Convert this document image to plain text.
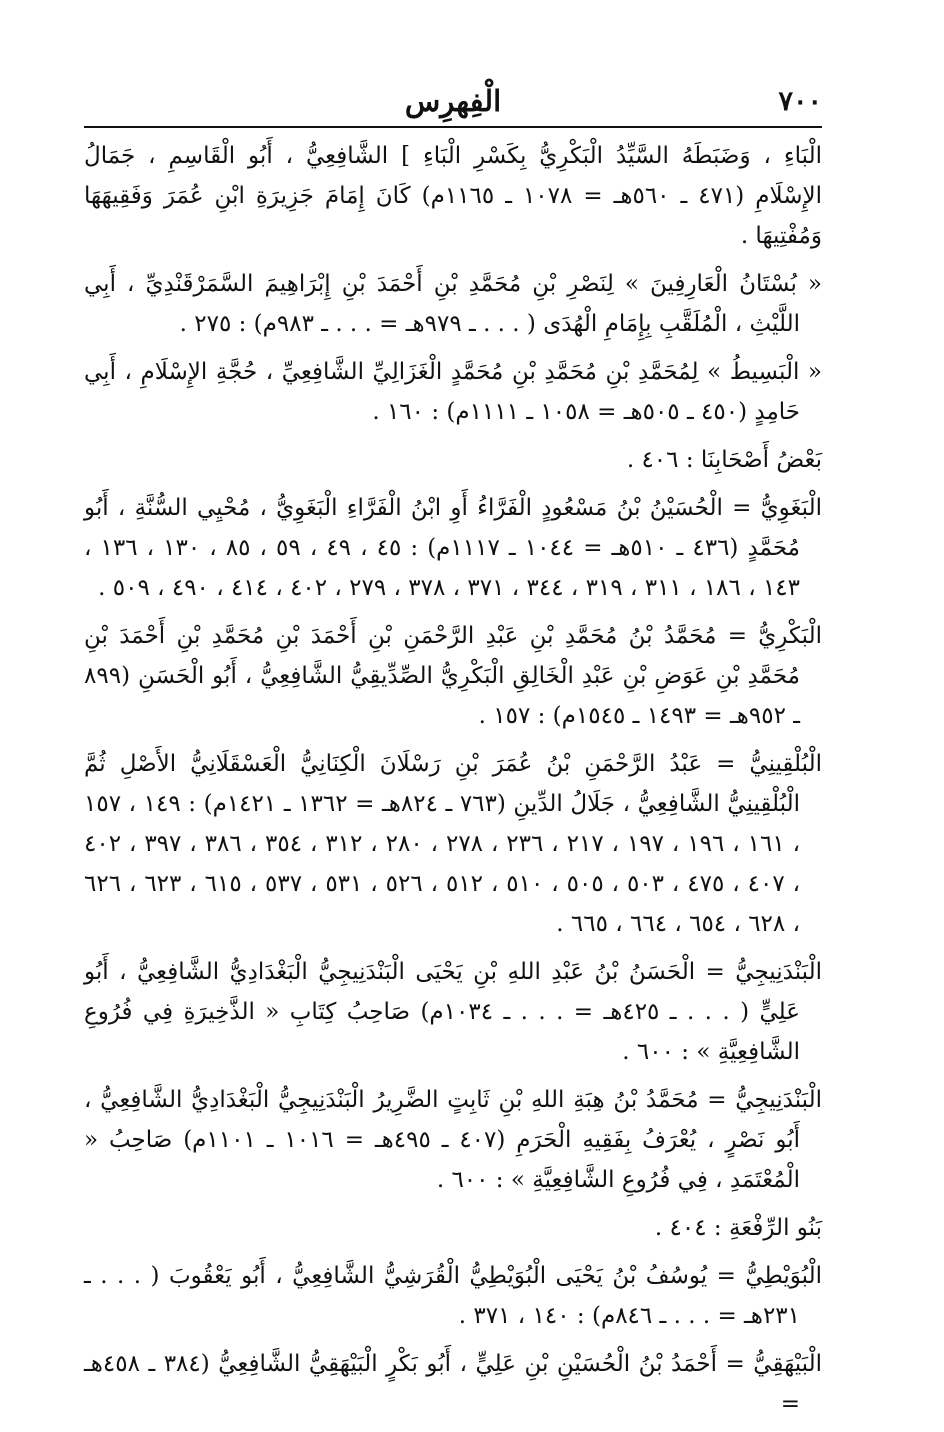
٧٠٠
الْفِهرِس

الْبَاءِ ، وَضَبَطَهُ السَّيِّدُ الْبَكْرِيُّ بِكَسْرِ الْبَاءِ ] الشَّافِعِيُّ ، أَبُو الْقَاسِمِ ، جَمَالُ الإِسْلَامِ (٤٧١ ـ ٥٦٠هـ = ١٠٧٨ ـ ١١٦٥م) كَانَ إِمَامَ جَزِيرَةِ ابْنِ عُمَرَ وَفَقِيهَهَا وَمُفْتِيهَا .

« بُسْتَانُ الْعَارِفِينَ » لِنَصْرِ بْنِ مُحَمَّدِ بْنِ أَحْمَدَ بْنِ إِبْرَاهِيمَ السَّمَرْقَنْدِيِّ ، أَبِي اللَّيْثِ ، الْمُلَقَّبِ بِإِمَامِ الْهُدَى ( . . . ـ ٩٧٩هـ = . . . ـ ٩٨٣م) : ٢٧٥ .

« الْبَسِيطُ » لِمُحَمَّدِ بْنِ مُحَمَّدِ بْنِ مُحَمَّدٍ الْغَزَالِيِّ الشَّافِعِيِّ ، حُجَّةِ الإِسْلَامِ ، أَبِي حَامِدٍ (٤٥٠ ـ ٥٠٥هـ = ١٠٥٨ ـ ١١١١م) : ١٦٠ .

بَعْضُ أَصْحَابِنَا : ٤٠٦ .

الْبَغَوِيُّ = الْحُسَيْنُ بْنُ مَسْعُودٍ الْفَرَّاءُ أَوِ ابْنُ الْفَرَّاءِ الْبَغَوِيُّ ، مُحْيِي السُّنَّةِ ، أَبُو مُحَمَّدٍ (٤٣٦ ـ ٥١٠هـ = ١٠٤٤ ـ ١١١٧م) : ٤٥ ، ٤٩ ، ٥٩ ، ٨٥ ، ١٣٠ ، ١٣٦ ، ١٤٣ ، ١٨٦ ، ٣١١ ، ٣١٩ ، ٣٤٤ ، ٣٧١ ، ٣٧٨ ، ٢٧٩ ، ٤٠٢ ، ٤١٤ ، ٤٩٠ ، ٥٠٩ .

الْبَكْرِيُّ = مُحَمَّدُ بْنُ مُحَمَّدِ بْنِ عَبْدِ الرَّحْمَنِ بْنِ أَحْمَدَ بْنِ مُحَمَّدِ بْنِ أَحْمَدَ بْنِ مُحَمَّدِ بْنِ عَوَضِ بْنِ عَبْدِ الْخَالِقِ الْبَكْرِيُّ الصِّدِّيقِيُّ الشَّافِعِيُّ ، أَبُو الْحَسَنِ (٨٩٩ ـ ٩٥٢هـ = ١٤٩٣ ـ ١٥٤٥م) : ١٥٧ .

الْبُلْقِينِيُّ = عَبْدُ الرَّحْمَنِ بْنُ عُمَرَ بْنِ رَسْلَانَ الْكِنَانِيُّ الْعَسْقَلَانِيُّ الأَصْلِ ثُمَّ الْبُلْقِينِيُّ الشَّافِعِيُّ ، جَلَالُ الدِّينِ (٧٦٣ ـ ٨٢٤هـ = ١٣٦٢ ـ ١٤٢١م) : ١٤٩ ، ١٥٧ ، ١٦١ ، ١٩٦ ، ١٩٧ ، ٢١٧ ، ٢٣٦ ، ٢٧٨ ، ٢٨٠ ، ٣١٢ ، ٣٥٤ ، ٣٨٦ ، ٣٩٧ ، ٤٠٢ ، ٤٠٧ ، ٤٧٥ ، ٥٠٣ ، ٥٠٥ ، ٥١٠ ، ٥١٢ ، ٥٢٦ ، ٥٣١ ، ٥٣٧ ، ٦١٥ ، ٦٢٣ ، ٦٢٦ ، ٦٢٨ ، ٦٥٤ ، ٦٦٤ ، ٦٦٥ .

الْبَنْدَنِيجِيُّ = الْحَسَنُ بْنُ عَبْدِ اللهِ بْنِ يَحْيَى الْبَنْدَنِيجِيُّ الْبَغْدَادِيُّ الشَّافِعِيُّ ، أَبُو عَلِيٍّ ( . . . ـ ٤٢٥هـ = . . . ـ ١٠٣٤م) صَاحِبُ كِتَابِ « الذَّخِيرَةِ فِي فُرُوعِ الشَّافِعِيَّةِ » : ٦٠٠ .

الْبَنْدَنِيجِيُّ = مُحَمَّدُ بْنُ هِبَةِ اللهِ بْنِ ثَابِتٍ الضَّرِيرُ الْبَنْدَنِيجِيُّ الْبَغْدَادِيُّ الشَّافِعِيُّ ، أَبُو نَصْرٍ ، يُعْرَفُ بِفَقِيهِ الْحَرَمِ (٤٠٧ ـ ٤٩٥هـ = ١٠١٦ ـ ١١٠١م) صَاحِبُ « الْمُعْتَمَدِ ، فِي فُرُوعِ الشَّافِعِيَّةِ » : ٦٠٠ .

بَنُو الرِّفْعَةِ : ٤٠٤ .

الْبُوَيْطِيُّ = يُوسُفُ بْنُ يَحْيَى الْبُوَيْطِيُّ الْقُرَشِيُّ الشَّافِعِيُّ ، أَبُو يَعْقُوبَ ( . . . ـ ٢٣١هـ = . . . ـ ٨٤٦م) : ١٤٠ ، ٣٧١ .

الْبَيْهَقِيُّ = أَحْمَدُ بْنُ الْحُسَيْنِ بْنِ عَلِيٍّ ، أَبُو بَكْرٍ الْبَيْهَقِيُّ الشَّافِعِيُّ (٣٨٤ ـ ٤٥٨هـ =
